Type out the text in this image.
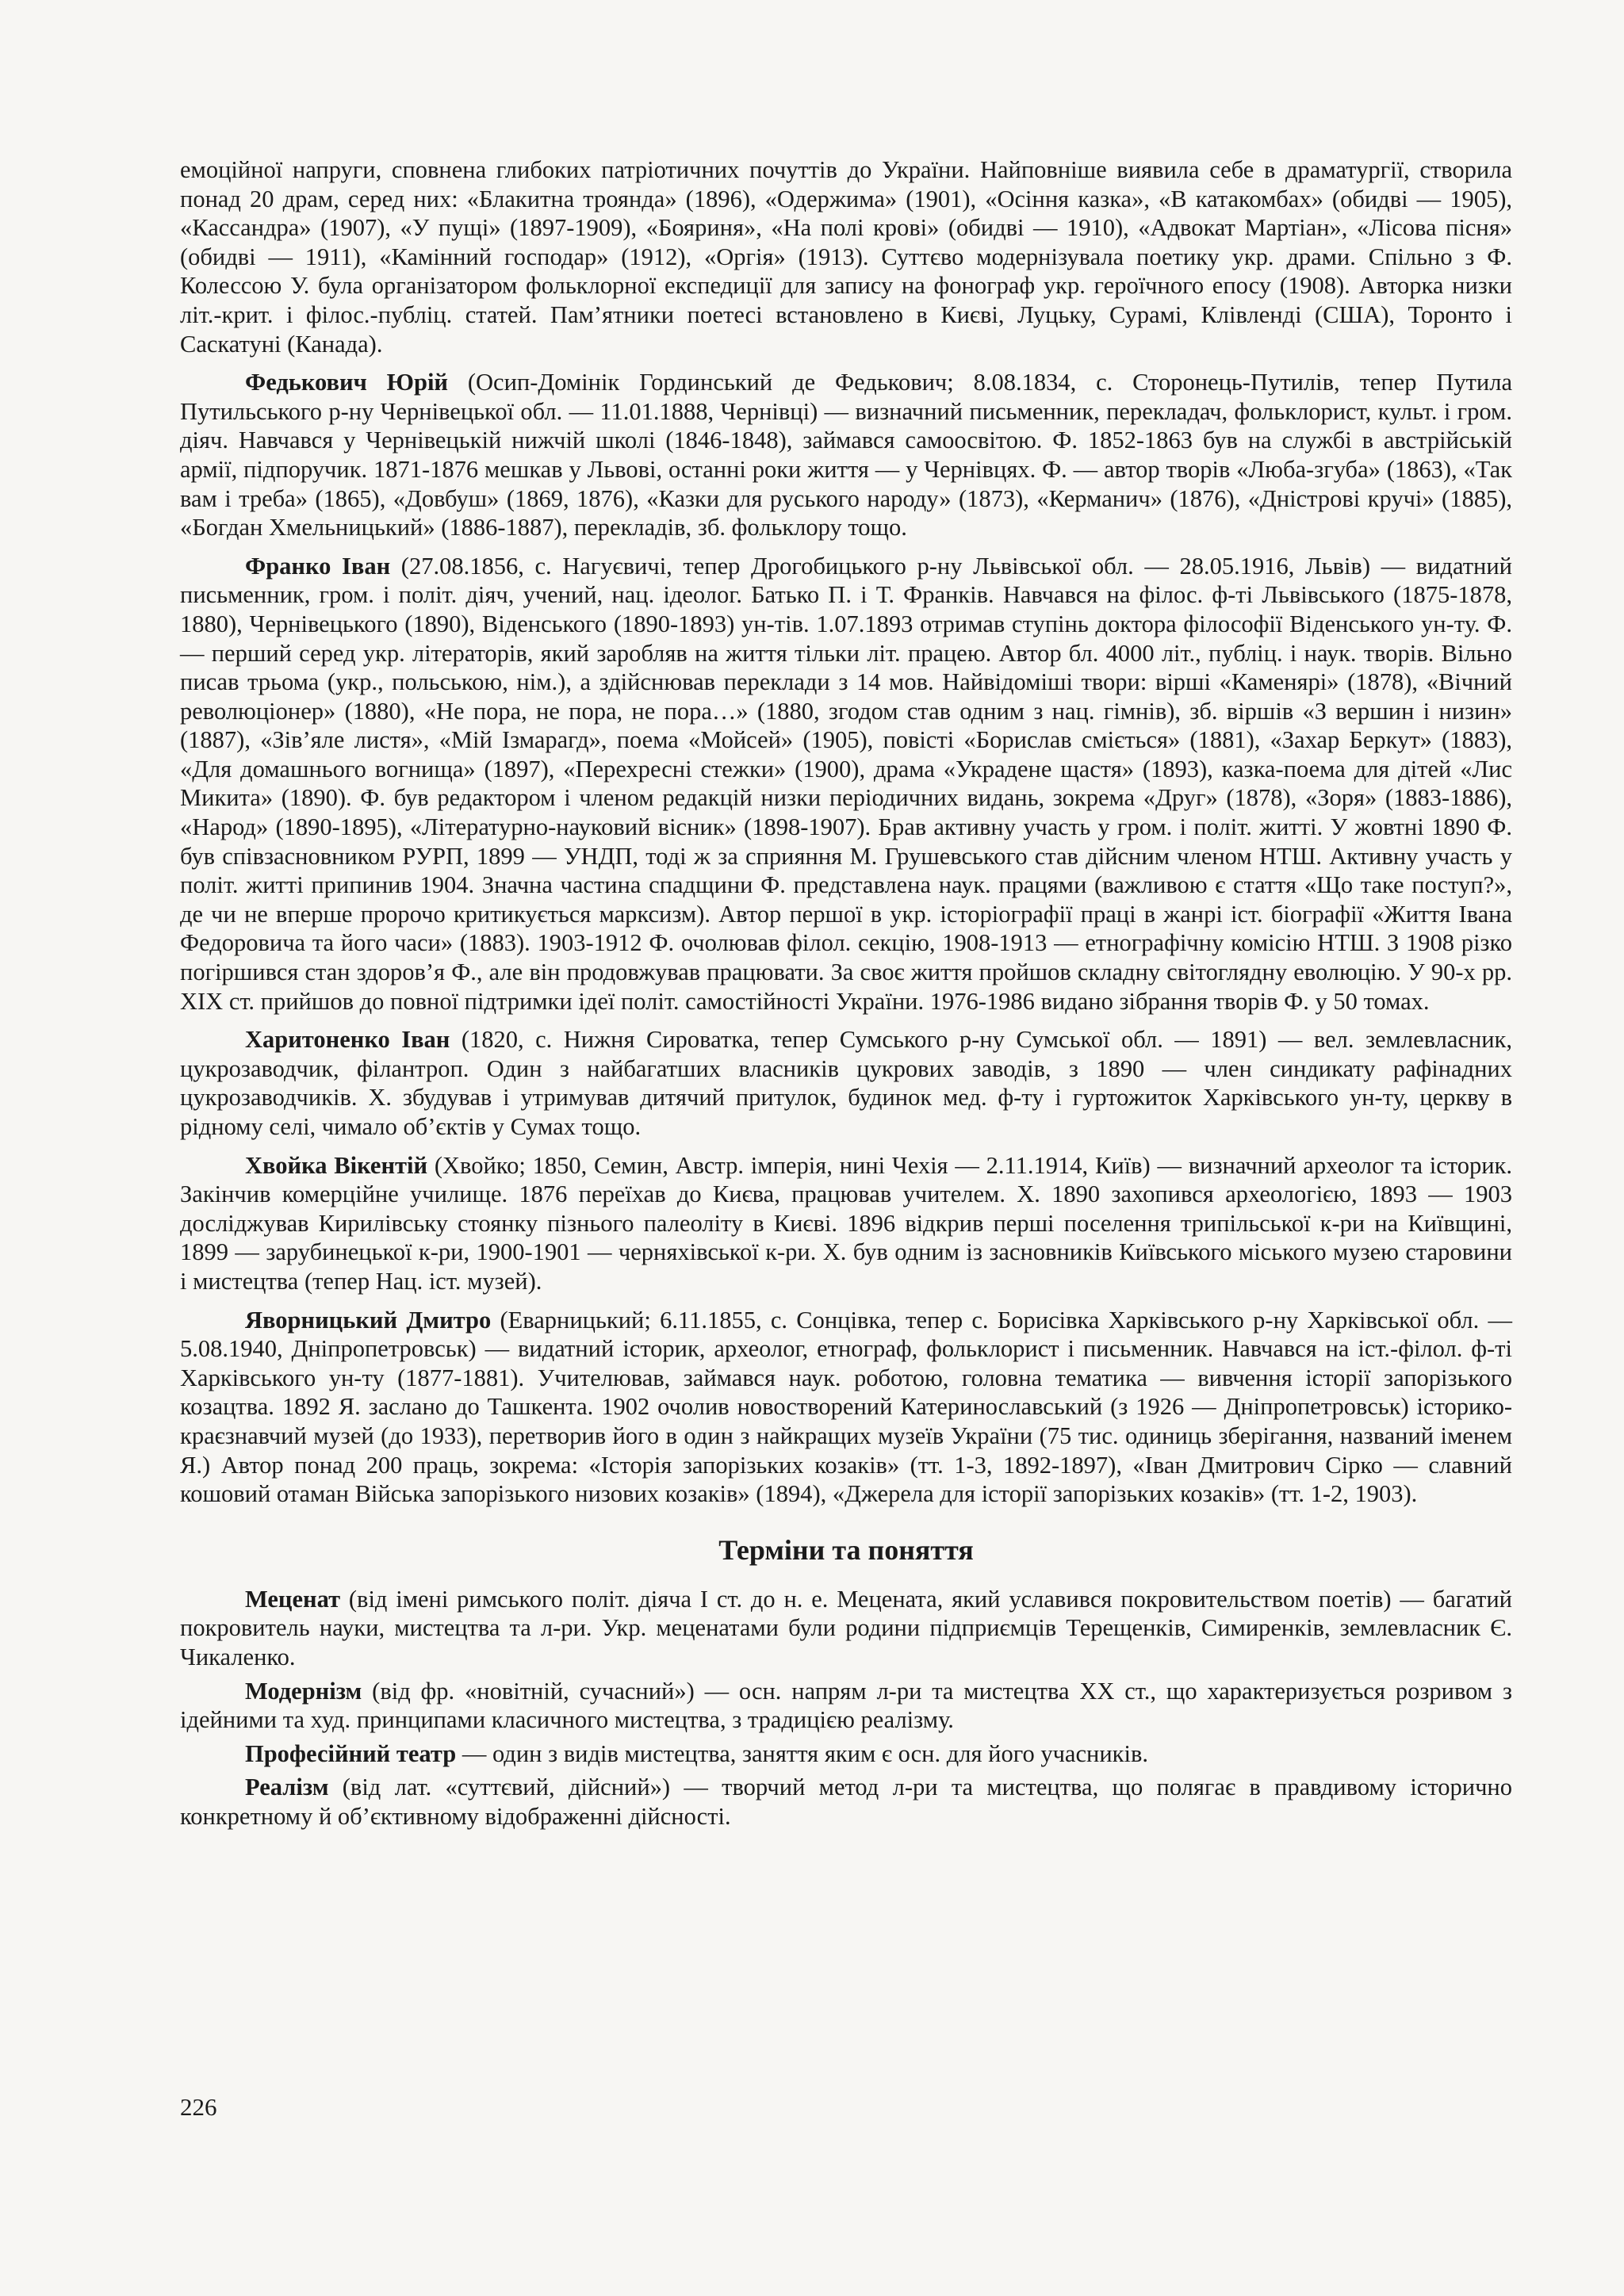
емоційної напруги, сповнена глибоких патріотичних почуттів до України. Найповніше виявила себе в драматургії, створила понад 20 драм, серед них: «Блакитна троянда» (1896), «Одержима» (1901), «Осіння казка», «В катакомбах» (обидві — 1905), «Кассандра» (1907), «У пущі» (1897-1909), «Бояриня», «На полі крові» (обидві — 1910), «Адвокат Мартіан», «Лісова пісня» (обидві — 1911), «Камінний господар» (1912), «Оргія» (1913). Суттєво модернізувала поетику укр. драми. Спільно з Ф. Колессою У. була організатором фольклорної експедиції для запису на фонограф укр. героїчного епосу (1908). Авторка низки літ.-крит. і філос.-публіц. статей. Пам’ятники поетесі встановлено в Києві, Луцьку, Сурамі, Клівленді (США), Торонто і Саскатуні (Канада).

Федькович Юрій (Осип-Домінік Гординський де Федькович; 8.08.1834, с. Сторонець-Путилів, тепер Путила Путильського р-ну Чернівецької обл. — 11.01.1888, Чернівці) — визначний письменник, перекладач, фольклорист, культ. і гром. діяч. Навчався у Чернівецькій нижчій школі (1846-1848), займався самоосвітою. Ф. 1852-1863 був на службі в австрійській армії, підпоручик. 1871-1876 мешкав у Львові, останні роки життя — у Чернівцях. Ф. — автор творів «Люба-згуба» (1863), «Так вам і треба» (1865), «Довбуш» (1869, 1876), «Казки для руського народу» (1873), «Керманич» (1876), «Дністрові кручі» (1885), «Богдан Хмельницький» (1886-1887), перекладів, зб. фольклору тощо.

Франко Іван (27.08.1856, с. Нагуєвичі, тепер Дрогобицького р-ну Львівської обл. — 28.05.1916, Львів) — видатний письменник, гром. і політ. діяч, учений, нац. ідеолог. Батько П. і Т. Франків. Навчався на філос. ф-ті Львівського (1875-1878, 1880), Чернівецького (1890), Віденського (1890-1893) ун-тів. 1.07.1893 отримав ступінь доктора філософії Віденського ун-ту. Ф. — перший серед укр. літераторів, який заробляв на життя тільки літ. працею. Автор бл. 4000 літ., публіц. і наук. творів. Вільно писав трьома (укр., польською, нім.), а здійснював переклади з 14 мов. Найвідоміші твори: вірші «Каменярі» (1878), «Вічний революціонер» (1880), «Не пора, не пора, не пора…» (1880, згодом став одним з нац. гімнів), зб. віршів «З вершин і низин» (1887), «Зів’яле листя», «Мій Ізмарагд», поема «Мойсей» (1905), повісті «Борислав сміється» (1881), «Захар Беркут» (1883), «Для домашнього вогнища» (1897), «Перехресні стежки» (1900), драма «Украдене щастя» (1893), казка-поема для дітей «Лис Микита» (1890). Ф. був редактором і членом редакцій низки періодичних видань, зокрема «Друг» (1878), «Зоря» (1883-1886), «Народ» (1890-1895), «Літературно-науковий вісник» (1898-1907). Брав активну участь у гром. і політ. житті. У жовтні 1890 Ф. був співзасновником РУРП, 1899 — УНДП, тоді ж за сприяння М. Грушевського став дійсним членом НТШ. Активну участь у політ. житті припинив 1904. Значна частина спадщини Ф. представлена наук. працями (важливою є стаття «Що таке поступ?», де чи не вперше пророчо критикується марксизм). Автор першої в укр. історіографії праці в жанрі іст. біографії «Життя Івана Федоровича та його часи» (1883). 1903-1912 Ф. очолював філол. секцію, 1908-1913 — етнографічну комісію НТШ. З 1908 різко погіршився стан здоров’я Ф., але він продовжував працювати. За своє життя пройшов складну світоглядну еволюцію. У 90-х рр. XIX ст. прийшов до повної підтримки ідеї політ. самостійності України. 1976-1986 видано зібрання творів Ф. у 50 томах.

Харитоненко Іван (1820, с. Нижня Сироватка, тепер Сумського р-ну Сумської обл. — 1891) — вел. землевласник, цукрозаводчик, філантроп. Один з найбагатших власників цукрових заводів, з 1890 — член синдикату рафінадних цукрозаводчиків. Х. збудував і утримував дитячий притулок, будинок мед. ф-ту і гуртожиток Харківського ун-ту, церкву в рідному селі, чимало об’єктів у Сумах тощо.

Хвойка Вікентій (Хвойко; 1850, Семин, Австр. імперія, нині Чехія — 2.11.1914, Київ) — визначний археолог та історик. Закінчив комерційне училище. 1876 переїхав до Києва, працював учителем. Х. 1890 захопився археологією, 1893 — 1903 досліджував Кирилівську стоянку пізнього палеоліту в Києві. 1896 відкрив перші поселення трипільської к-ри на Київщині, 1899 — зарубинецької к-ри, 1900-1901 — черняхівської к-ри. Х. був одним із засновників Київського міського музею старовини і мистецтва (тепер Нац. іст. музей).

Яворницький Дмитро (Еварницький; 6.11.1855, с. Сонцівка, тепер с. Борисівка Харківського р-ну Харківської обл. — 5.08.1940, Дніпропетровськ) — видатний історик, археолог, етнограф, фольклорист і письменник. Навчався на іст.-філол. ф-ті Харківського ун-ту (1877-1881). Учителював, займався наук. роботою, головна тематика — вивчення історії запорізького козацтва. 1892 Я. заслано до Ташкента. 1902 очолив новостворений Катеринославський (з 1926 — Дніпропетровськ) історико-краєзнавчий музей (до 1933), перетворив його в один з найкращих музеїв України (75 тис. одиниць зберігання, названий іменем Я.) Автор понад 200 праць, зокрема: «Історія запорізьких козаків» (тт. 1-3, 1892-1897), «Іван Дмитрович Сірко — славний кошовий отаман Війська запорізького низових козаків» (1894), «Джерела для історії запорізьких козаків» (тт. 1-2, 1903).

Терміни та поняття

Меценат (від імені римського політ. діяча I ст. до н. е. Мецената, який уславився покровительством поетів) — багатий покровитель науки, мистецтва та л-ри. Укр. меценатами були родини підприємців Терещенків, Симиренків, землевласник Є. Чикаленко.

Модернізм (від фр. «новітній, сучасний») — осн. напрям л-ри та мистецтва XX ст., що характеризується розривом з ідейними та худ. принципами класичного мистецтва, з традицією реалізму.

Професійний театр — один з видів мистецтва, заняття яким є осн. для його учасників.

Реалізм (від лат. «суттєвий, дійсний») — творчий метод л-ри та мистецтва, що полягає в правдивому історично конкретному й об’єктивному відображенні дійсності.

226
